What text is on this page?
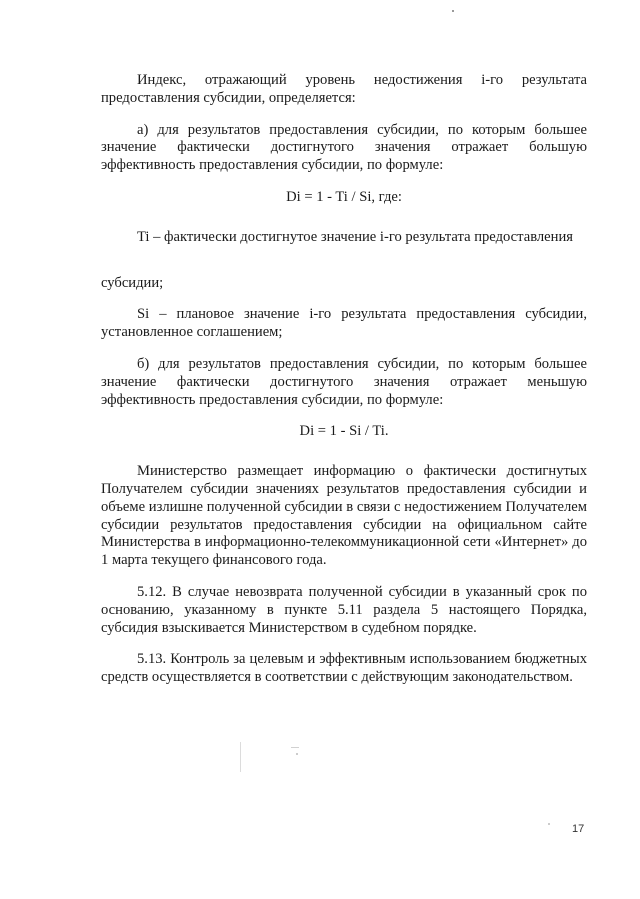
Индекс, отражающий уровень недостижения i-го результата предоставления субсидии, определяется:

а) для результатов предоставления субсидии, по которым большее значение фактически достигнутого значения отражает большую эффективность предоставления субсидии, по формуле:

Di = 1 - Ti / Si, где:

Ti – фактически достигнутое значение i-го результата предоставления

субсидии;

Si – плановое значение i-го результата предоставления субсидии, установленное соглашением;

б) для результатов предоставления субсидии, по которым большее значение фактически достигнутого значения отражает меньшую эффективность предоставления субсидии, по формуле:

Di = 1 - Si / Ti.

Министерство размещает информацию о фактически достигнутых Получателем субсидии значениях результатов предоставления субсидии и объеме излишне полученной субсидии в связи с недостижением Получателем субсидии результатов предоставления субсидии на официальном сайте Министерства в информационно-телекоммуникационной сети «Интернет» до 1 марта текущего финансового года.

5.12. В случае невозврата полученной субсидии в указанный срок по основанию, указанному в пункте 5.11 раздела 5 настоящего Порядка, субсидия взыскивается Министерством в судебном порядке.

5.13. Контроль за целевым и эффективным использованием бюджетных средств осуществляется в соответствии с действующим законодательством.

17
